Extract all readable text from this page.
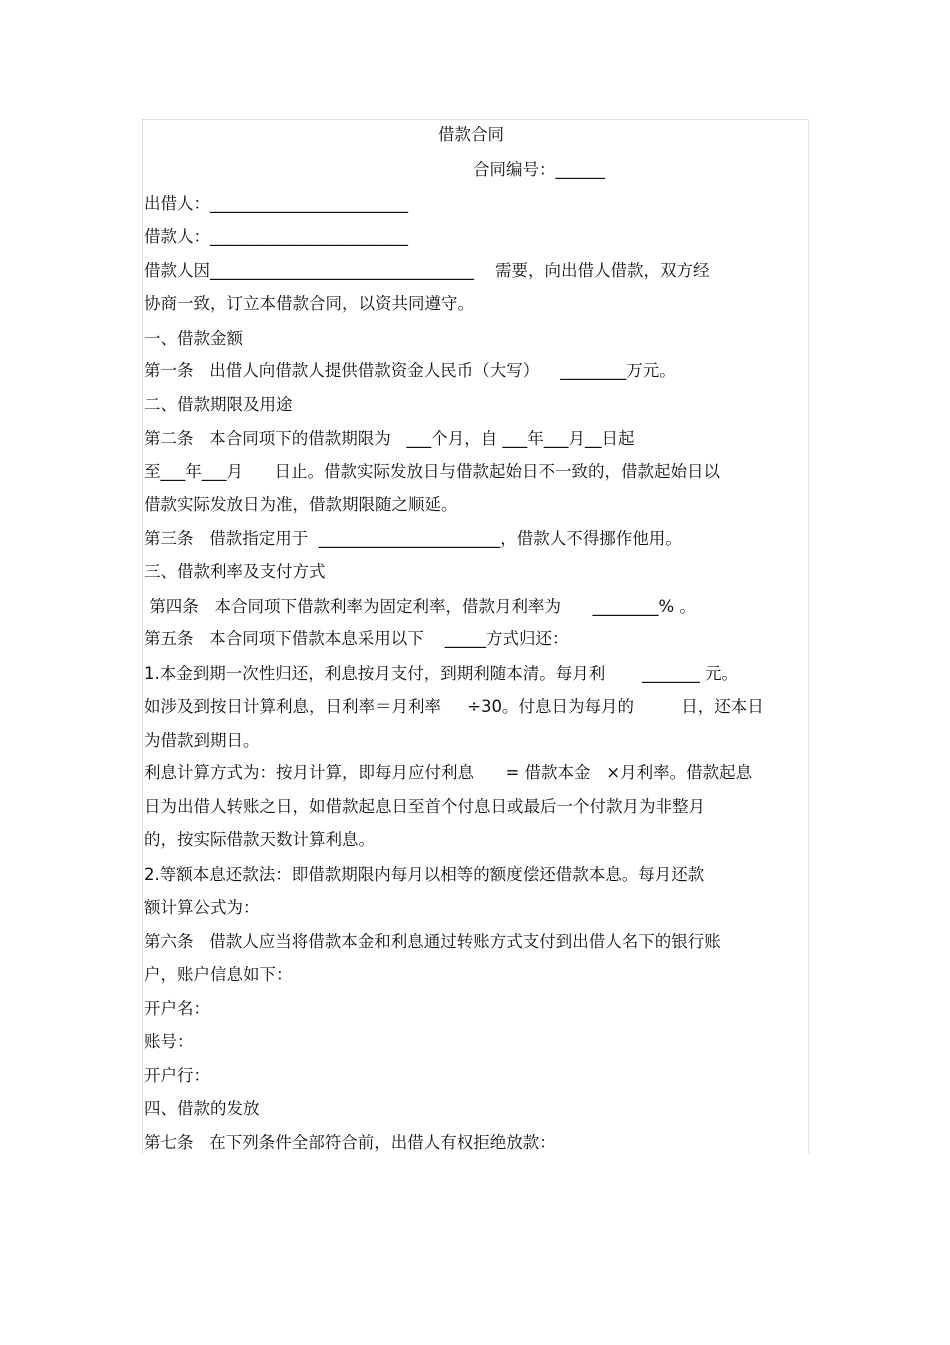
借款合同
合同编号：______
出借人：________________________
借款人：________________________
借款人因________________________________    需要，向出借人借款，双方经
协商一致，订立本借款合同，以资共同遵守。
一、借款金额
第一条   出借人向借款人提供借款资金人民币（大写）    ________万元。
二、借款期限及用途
第二条   本合同项下的借款期限为   ___个月，自 ___年___月__日起
至___年___月      日止。借款实际发放日与借款起始日不一致的，借款起始日以
借款实际发放日为准，借款期限随之顺延。
第三条   借款指定用于  ______________________，借款人不得挪作他用。
三、借款利率及支付方式
第四条   本合同项下借款利率为固定利率，借款月利率为      ________% 。
第五条   本合同项下借款本息采用以下    _____方式归还：
1.本金到期一次性归还，利息按月支付，到期利随本清。每月利       _______ 元。
如涉及到按日计算利息，日利率＝月利率     ÷30。付息日为每月的         日，还本日
为借款到期日。
利息计算方式为：按月计算，即每月应付利息      = 借款本金   ×月利率。借款起息
日为出借人转账之日，如借款起息日至首个付息日或最后一个付款月为非整月
的，按实际借款天数计算利息。
2.等额本息还款法：即借款期限内每月以相等的额度偿还借款本息。每月还款
额计算公式为：
第六条   借款人应当将借款本金和利息通过转账方式支付到出借人名下的银行账
户，账户信息如下：
开户名：
账号：
开户行：
四、借款的发放
第七条   在下列条件全部符合前，出借人有权拒绝放款：
